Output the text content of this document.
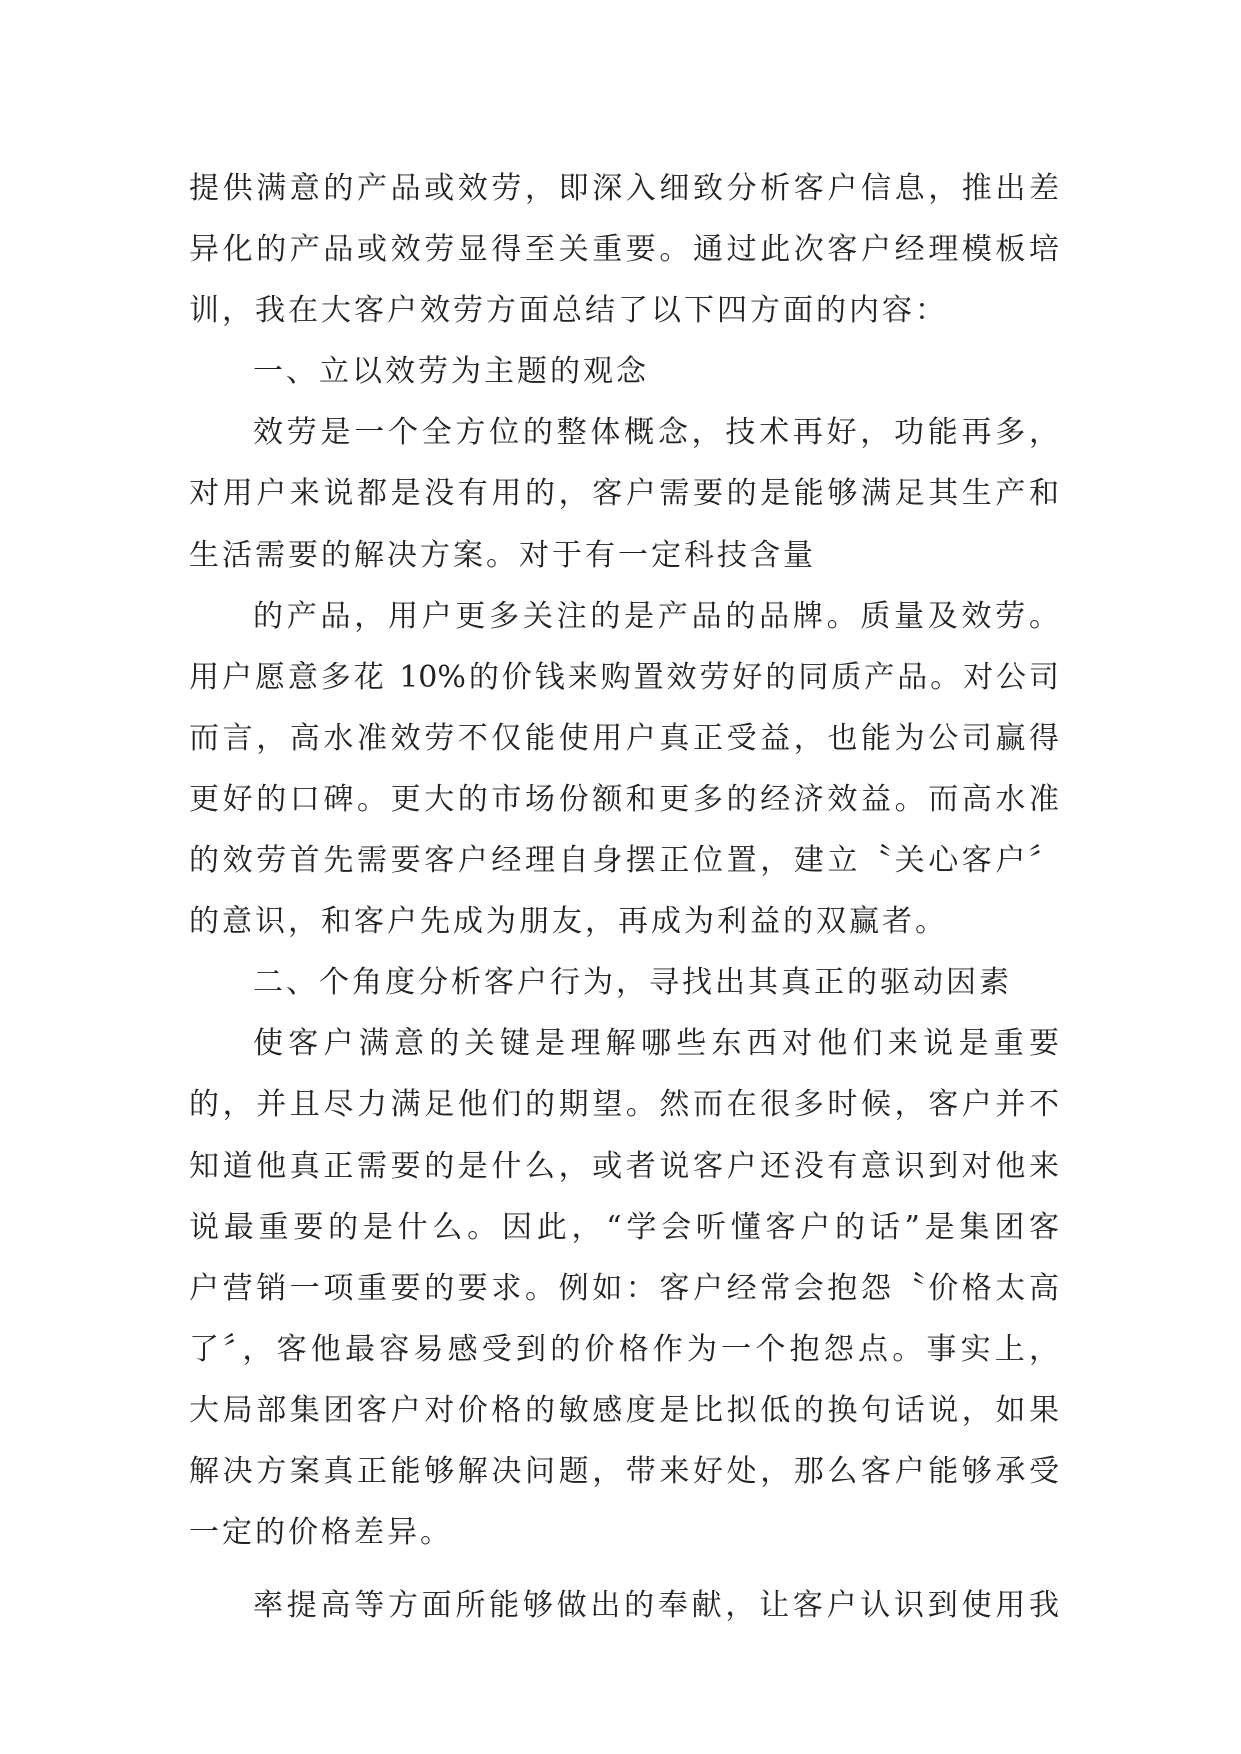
提供满意的产品或效劳，即深入细致分析客户信息，推出差
异化的产品或效劳显得至关重要。通过此次客户经理模板培
训，我在大客户效劳方面总结了以下四方面的内容：
一、立以效劳为主题的观念
效劳是一个全方位的整体概念，技术再好，功能再多，
对用户来说都是没有用的，客户需要的是能够满足其生产和
生活需要的解决方案。对于有一定科技含量
的产品，用户更多关注的是产品的品牌。质量及效劳。
用户愿意多花 10%的价钱来购置效劳好的同质产品。对公司
而言，高水准效劳不仅能使用户真正受益，也能为公司赢得
更好的口碑。更大的市场份额和更多的经济效益。而高水准
的效劳首先需要客户经理自身摆正位置，建立〝关心客户〞
的意识，和客户先成为朋友，再成为利益的双赢者。
二、个角度分析客户行为，寻找出其真正的驱动因素
使客户满意的关键是理解哪些东西对他们来说是重要
的，并且尽力满足他们的期望。然而在很多时候，客户并不
知道他真正需要的是什么，或者说客户还没有意识到对他来
说最重要的是什么。因此，“学会听懂客户的话”是集团客
户营销一项重要的要求。例如：客户经常会抱怨〝价格太高
了〞，客他最容易感受到的价格作为一个抱怨点。事实上，
大局部集团客户对价格的敏感度是比拟低的换句话说，如果
解决方案真正能够解决问题，带来好处，那么客户能够承受
一定的价格差异。
率提高等方面所能够做出的奉献，让客户认识到使用我
